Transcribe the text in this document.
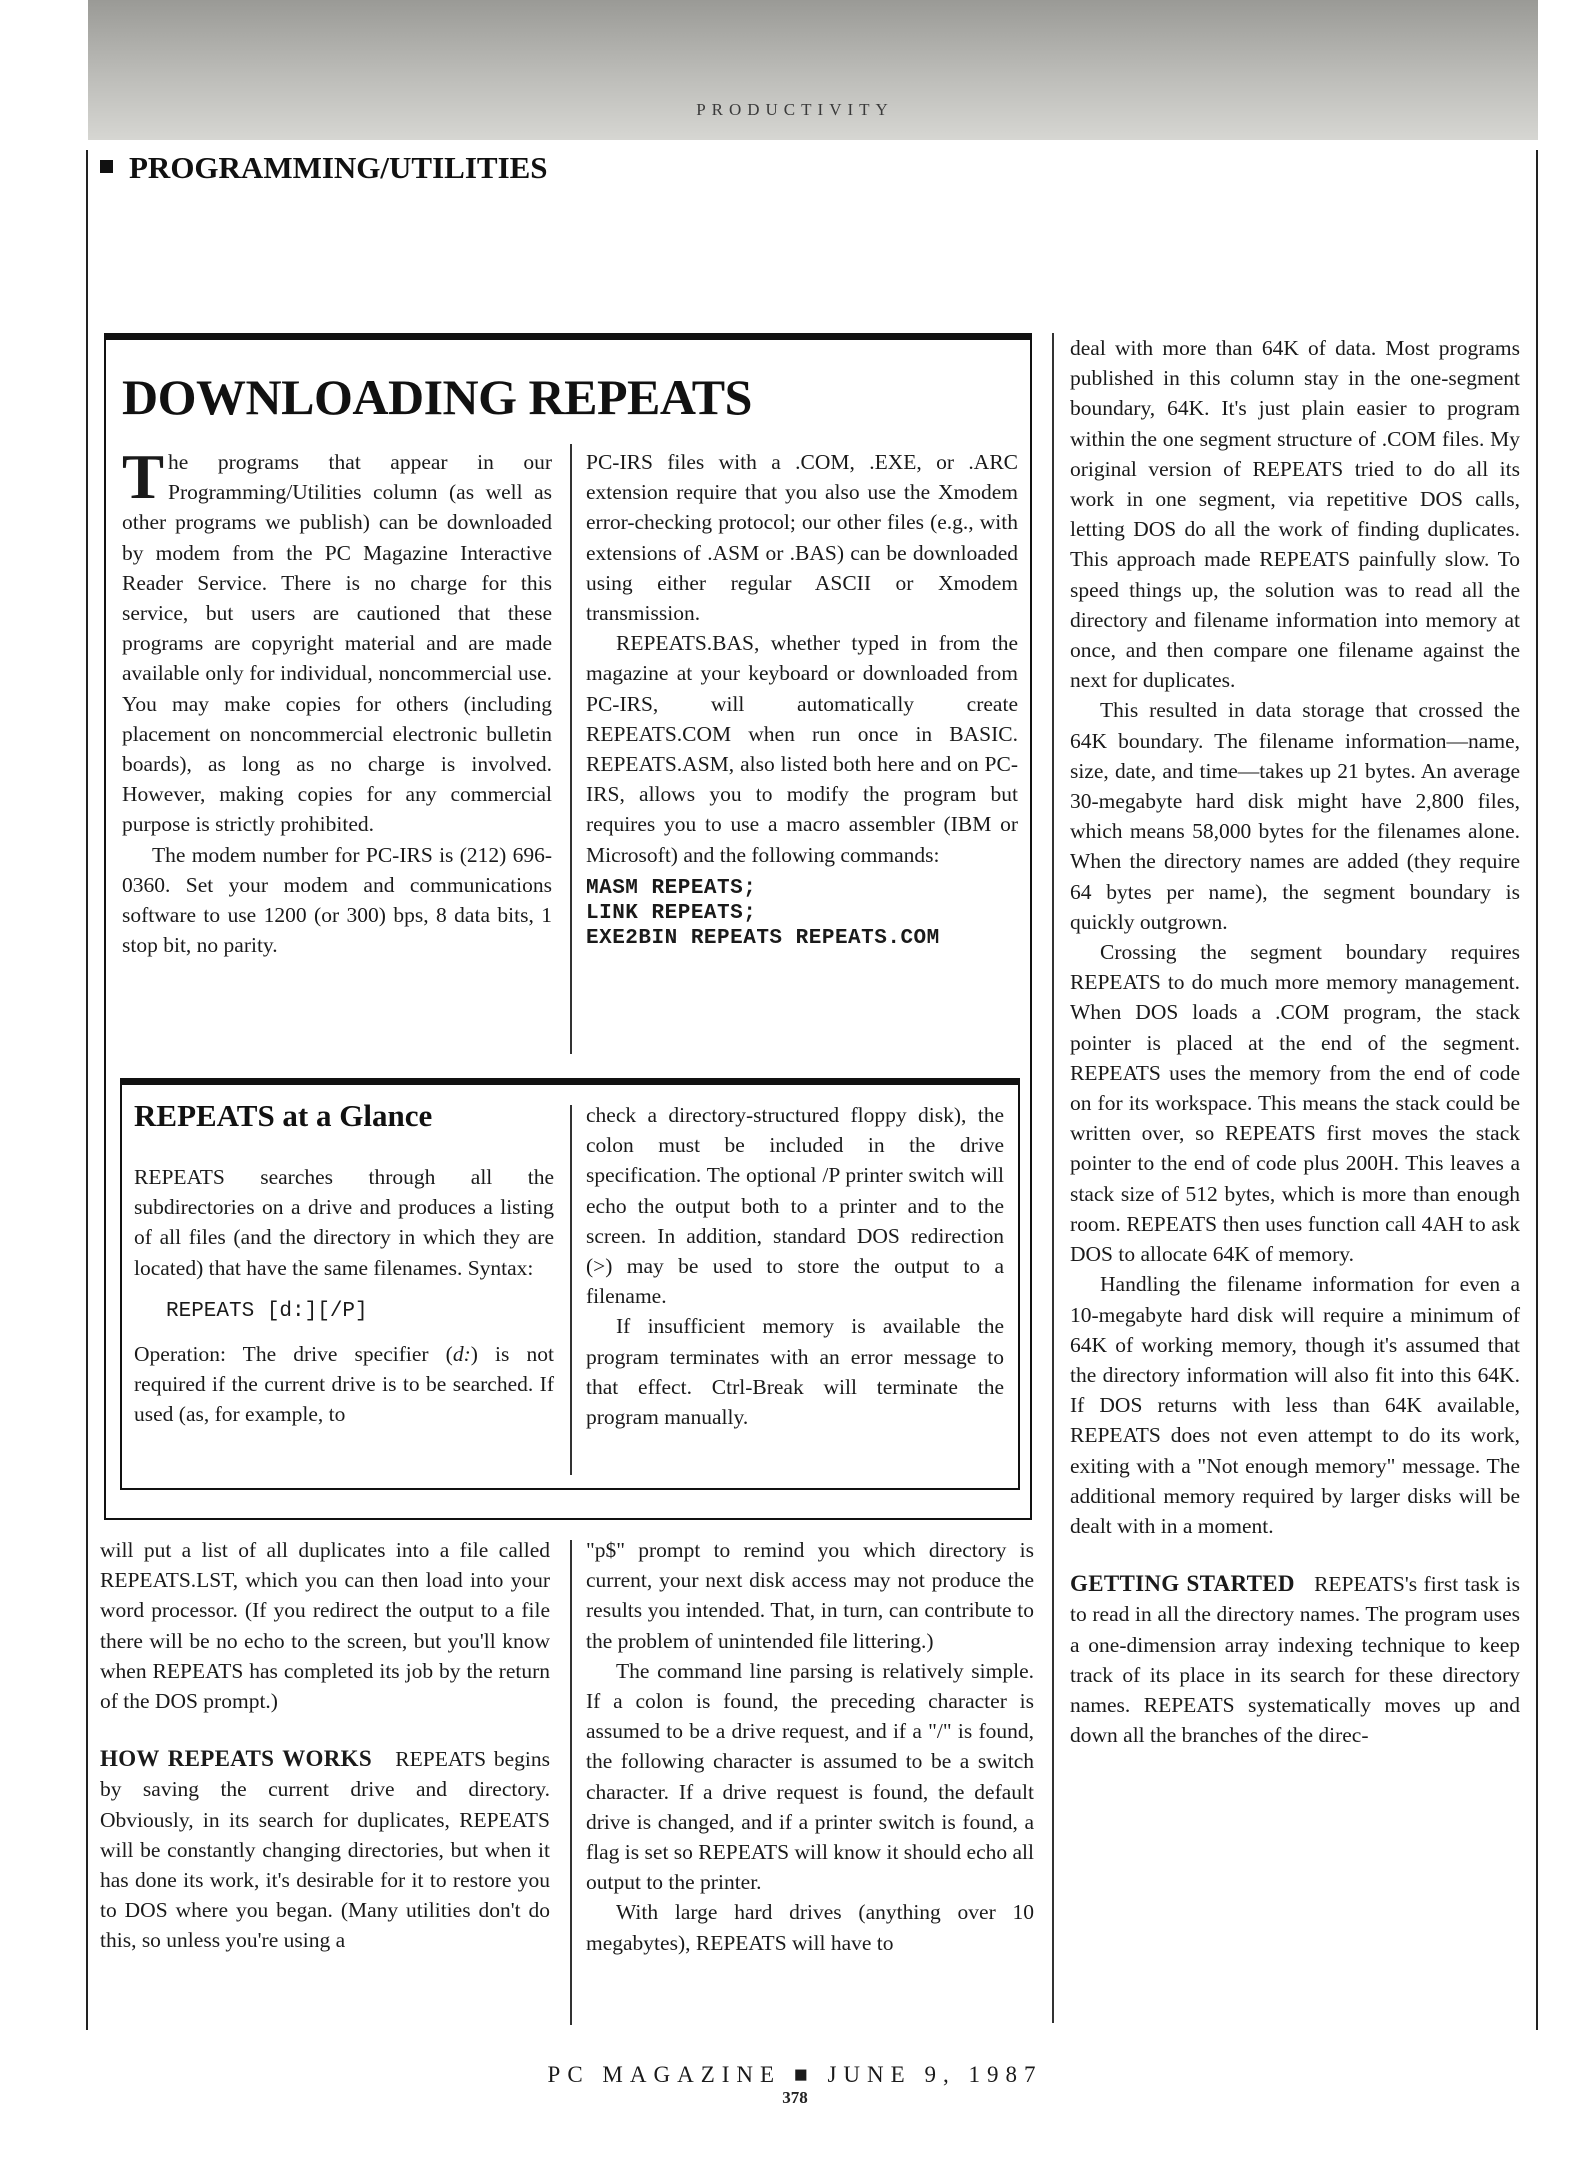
PRODUCTIVITY
PROGRAMMING/UTILITIES
DOWNLOADING REPEATS

The programs that appear in our Programming/Utilities column (as well as other programs we publish) can be downloaded by modem from the PC Magazine Interactive Reader Service. There is no charge for this service, but users are cautioned that these programs are copyright material and are made available only for individual, noncommercial use. You may make copies for others (including placement on noncommercial electronic bulletin boards), as long as no charge is involved. However, making copies for any commercial purpose is strictly prohibited.

The modem number for PC-IRS is (212) 696-0360. Set your modem and communications software to use 1200 (or 300) bps, 8 data bits, 1 stop bit, no parity.

PC-IRS files with a .COM, .EXE, or .ARC extension require that you also use the Xmodem error-checking protocol; our other files (e.g., with extensions of .ASM or .BAS) can be downloaded using either regular ASCII or Xmodem transmission.

REPEATS.BAS, whether typed in from the magazine at your keyboard or downloaded from PC-IRS, will automatically create REPEATS.COM when run once in BASIC. REPEATS.ASM, also listed both here and on PC-IRS, allows you to modify the program but requires you to use a macro assembler (IBM or Microsoft) and the following commands:

MASM REPEATS;
LINK REPEATS;
EXE2BIN REPEATS REPEATS.COM
REPEATS at a Glance

REPEATS searches through all the subdirectories on a drive and produces a listing of all files (and the directory in which they are located) that have the same filenames. Syntax:

REPEATS [d:][/P]

Operation: The drive specifier (d:) is not required if the current drive is to be searched. If used (as, for example, to

check a directory-structured floppy disk), the colon must be included in the drive specification. The optional /P printer switch will echo the output both to a printer and to the screen. In addition, standard DOS redirection (>) may be used to store the output to a filename.

If insufficient memory is available the program terminates with an error message to that effect. Ctrl-Break will terminate the program manually.

will put a list of all duplicates into a file called REPEATS.LST, which you can then load into your word processor. (If you redirect the output to a file there will be no echo to the screen, but you'll know when REPEATS has completed its job by the return of the DOS prompt.)

HOW REPEATS WORKS REPEATS begins by saving the current drive and directory. Obviously, in its search for duplicates, REPEATS will be constantly changing directories, but when it has done its work, it's desirable for it to restore you to DOS where you began. (Many utilities don't do this, so unless you're using a

"p$" prompt to remind you which directory is current, your next disk access may not produce the results you intended. That, in turn, can contribute to the problem of unintended file littering.)

The command line parsing is relatively simple. If a colon is found, the preceding character is assumed to be a drive request, and if a "/" is found, the following character is assumed to be a switch character. If a drive request is found, the default drive is changed, and if a printer switch is found, a flag is set so REPEATS will know it should echo all output to the printer.

With large hard drives (anything over 10 megabytes), REPEATS will have to

deal with more than 64K of data. Most programs published in this column stay in the one-segment boundary, 64K. It's just plain easier to program within the one segment structure of .COM files. My original version of REPEATS tried to do all its work in one segment, via repetitive DOS calls, letting DOS do all the work of finding duplicates. This approach made REPEATS painfully slow. To speed things up, the solution was to read all the directory and filename information into memory at once, and then compare one filename against the next for duplicates.

This resulted in data storage that crossed the 64K boundary. The filename information—name, size, date, and time—takes up 21 bytes. An average 30-megabyte hard disk might have 2,800 files, which means 58,000 bytes for the filenames alone. When the directory names are added (they require 64 bytes per name), the segment boundary is quickly outgrown.

Crossing the segment boundary requires REPEATS to do much more memory management. When DOS loads a .COM program, the stack pointer is placed at the end of the segment. REPEATS uses the memory from the end of code on for its workspace. This means the stack could be written over, so REPEATS first moves the stack pointer to the end of code plus 200H. This leaves a stack size of 512 bytes, which is more than enough room. REPEATS then uses function call 4AH to ask DOS to allocate 64K of memory.

Handling the filename information for even a 10-megabyte hard disk will require a minimum of 64K of working memory, though it's assumed that the directory information will also fit into this 64K. If DOS returns with less than 64K available, REPEATS does not even attempt to do its work, exiting with a "Not enough memory" message. The additional memory required by larger disks will be dealt with in a moment.

GETTING STARTED REPEATS's first task is to read in all the directory names. The program uses a one-dimension array indexing technique to keep track of its place in its search for these directory names. REPEATS systematically moves up and down all the branches of the direc-

PC MAGAZINE ■ JUNE 9, 1987
378
